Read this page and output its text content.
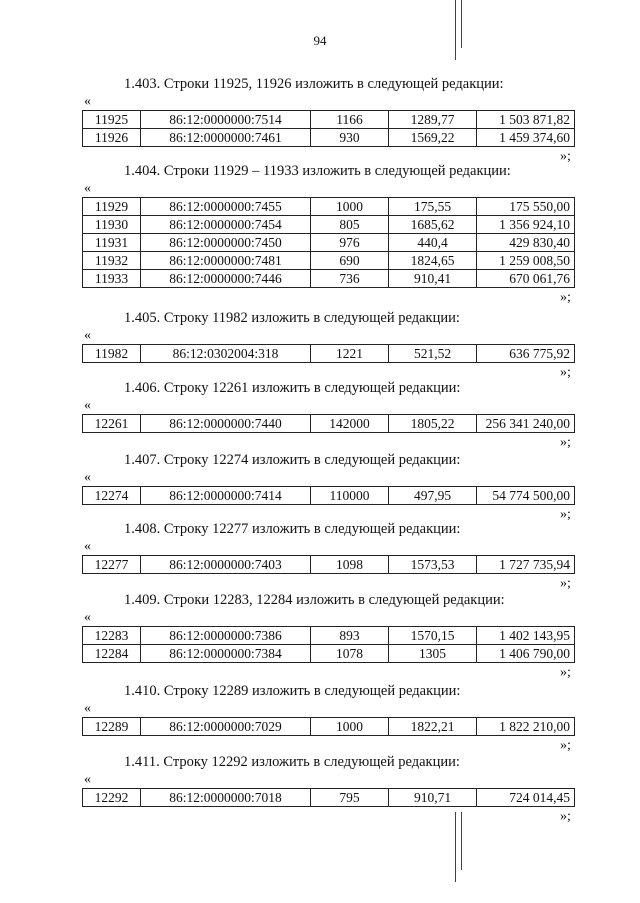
94
1.403. Строки 11925, 11926 изложить в следующей редакции:
«
11925	86:12:0000000:7514	1166	1289,77	1 503 871,82
11926	86:12:0000000:7461	930	1569,22	1 459 374,60
»;
1.404. Строки 11929 – 11933 изложить в следующей редакции:
«
11929	86:12:0000000:7455	1000	175,55	175 550,00
11930	86:12:0000000:7454	805	1685,62	1 356 924,10
11931	86:12:0000000:7450	976	440,4	429 830,40
11932	86:12:0000000:7481	690	1824,65	1 259 008,50
11933	86:12:0000000:7446	736	910,41	670 061,76
»;
1.405. Строку 11982 изложить в следующей редакции:
«
11982	86:12:0302004:318	1221	521,52	636 775,92
»;
1.406. Строку 12261 изложить в следующей редакции:
«
12261	86:12:0000000:7440	142000	1805,22	256 341 240,00
»;
1.407. Строку 12274 изложить в следующей редакции:
«
12274	86:12:0000000:7414	110000	497,95	54 774 500,00
»;
1.408. Строку 12277 изложить в следующей редакции:
«
12277	86:12:0000000:7403	1098	1573,53	1 727 735,94
»;
1.409. Строки 12283, 12284 изложить в следующей редакции:
«
12283	86:12:0000000:7386	893	1570,15	1 402 143,95
12284	86:12:0000000:7384	1078	1305	1 406 790,00
»;
1.410. Строку 12289 изложить в следующей редакции:
«
12289	86:12:0000000:7029	1000	1822,21	1 822 210,00
»;
1.411. Строку 12292 изложить в следующей редакции:
«
12292	86:12:0000000:7018	795	910,71	724 014,45
»;
